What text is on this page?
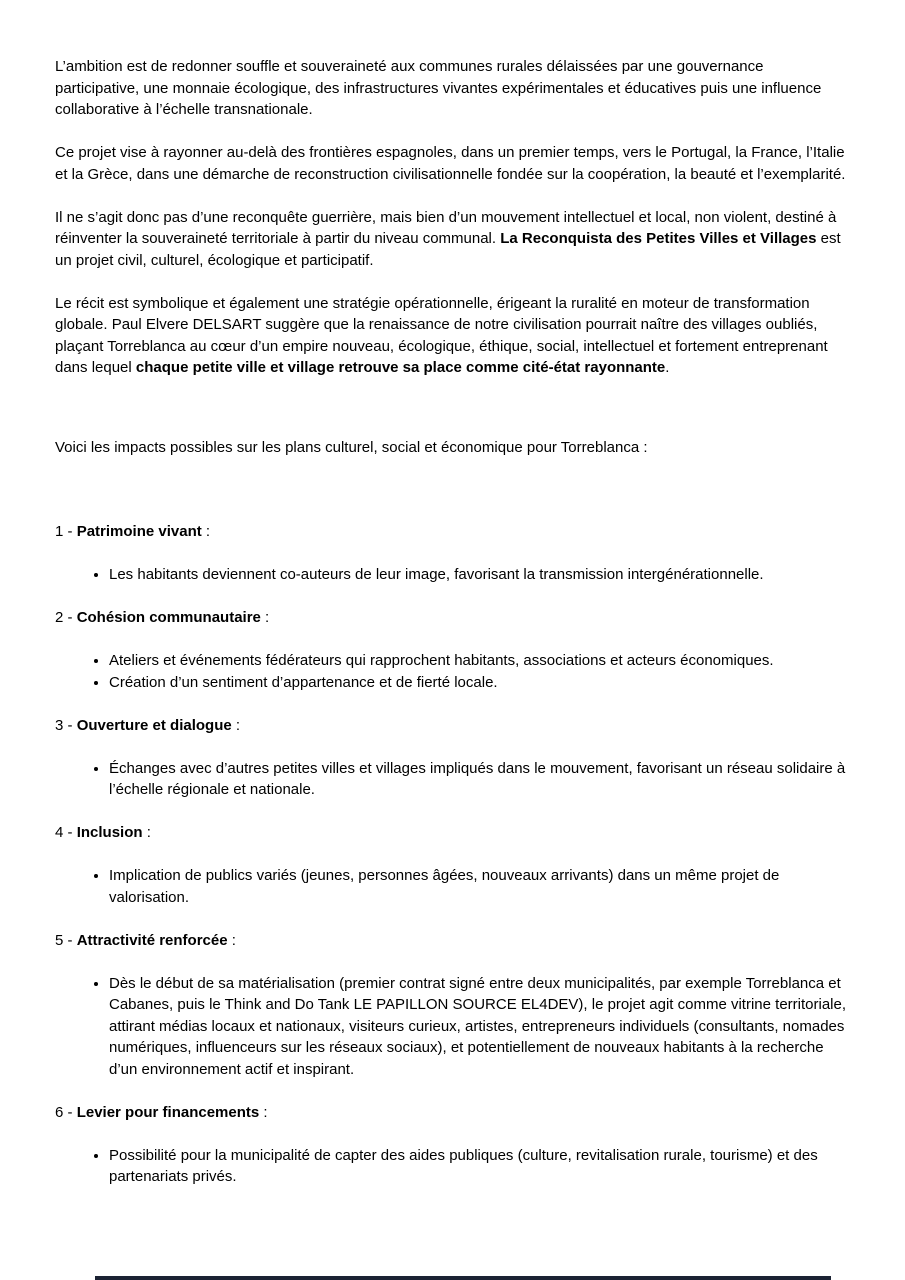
L’ambition est de redonner souffle et souveraineté aux communes rurales délaissées par une gouvernance participative, une monnaie écologique, des infrastructures vivantes expérimentales et éducatives puis une influence collaborative à l’échelle transnationale.

Ce projet vise à rayonner au-delà des frontières espagnoles, dans un premier temps, vers le Portugal, la France, l’Italie et la Grèce, dans une démarche de reconstruction civilisationnelle fondée sur la coopération, la beauté et l’exemplarité.

Il ne s’agit donc pas d’une reconquête guerrière, mais bien d’un mouvement intellectuel et local, non violent, destiné à réinventer la souveraineté territoriale à partir du niveau communal. La Reconquista des Petites Villes et Villages est un projet civil, culturel, écologique et participatif.

Le récit est symbolique et également une stratégie opérationnelle, érigeant la ruralité en moteur de transformation globale. Paul Elvere DELSART suggère que la renaissance de notre civilisation pourrait naître des villages oubliés, plaçant Torreblanca au cœur d’un empire nouveau, écologique, éthique, social, intellectuel et fortement entreprenant dans lequel chaque petite ville et village retrouve sa place comme cité-état rayonnante.

Voici les impacts possibles sur les plans culturel, social et économique pour Torreblanca :

1 - Patrimoine vivant :

• Les habitants deviennent co-auteurs de leur image, favorisant la transmission intergénérationnelle.

2 - Cohésion communautaire :

• Ateliers et événements fédérateurs qui rapprochent habitants, associations et acteurs économiques.
• Création d’un sentiment d’appartenance et de fierté locale.

3 - Ouverture et dialogue :

• Échanges avec d’autres petites villes et villages impliqués dans le mouvement, favorisant un réseau solidaire à l’échelle régionale et nationale.

4 - Inclusion :

• Implication de publics variés (jeunes, personnes âgées, nouveaux arrivants) dans un même projet de valorisation.

5 - Attractivité renforcée :

• Dès le début de sa matérialisation (premier contrat signé entre deux municipalités, par exemple Torreblanca et Cabanes, puis le Think and Do Tank LE PAPILLON SOURCE EL4DEV), le projet agit comme vitrine territoriale, attirant médias locaux et nationaux, visiteurs curieux, artistes, entrepreneurs individuels (consultants, nomades numériques, influenceurs sur les réseaux sociaux), et potentiellement de nouveaux habitants à la recherche d’un environnement actif et inspirant.

6 - Levier pour financements :

• Possibilité pour la municipalité de capter des aides publiques (culture, revitalisation rurale, tourisme) et des partenariats privés.
